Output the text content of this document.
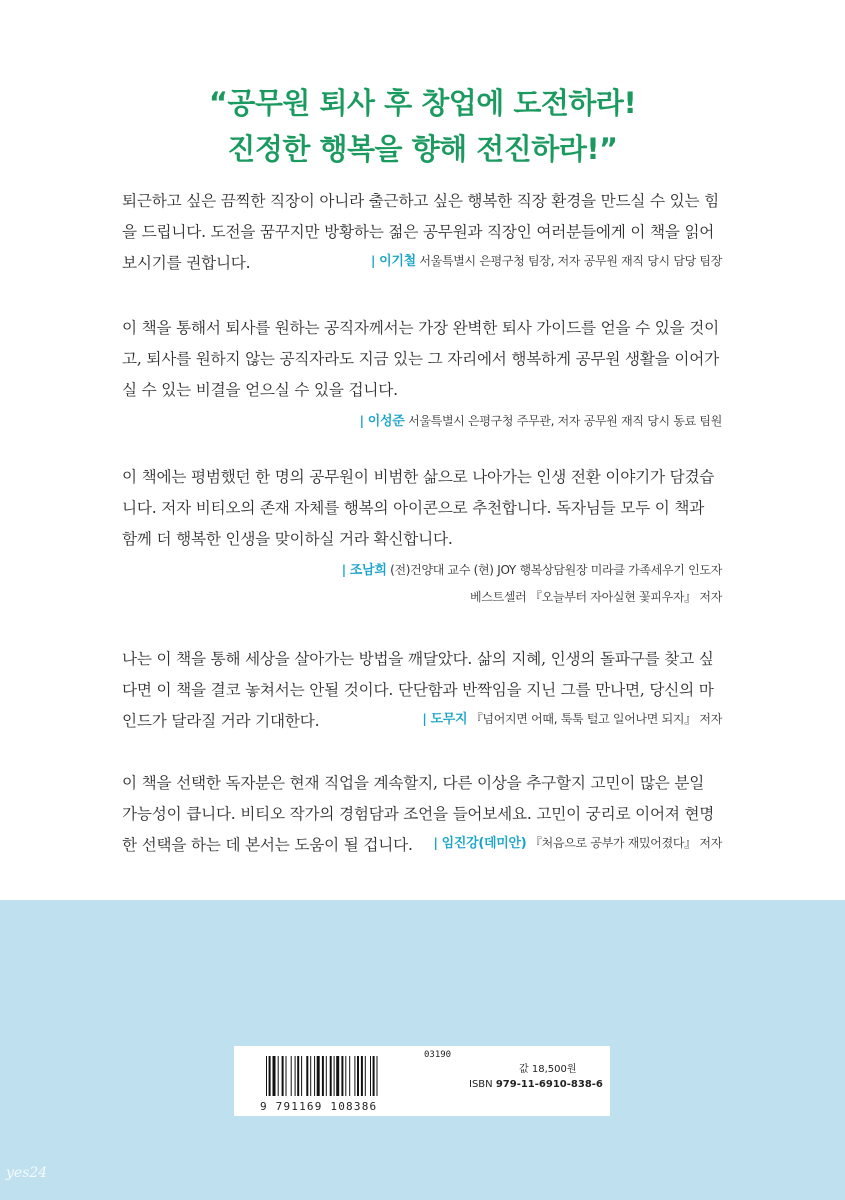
“공무원 퇴사 후 창업에 도전하라!
진정한 행복을 향해 전진하라!”
퇴근하고 싶은 끔찍한 직장이 아니라 출근하고 싶은 행복한 직장 환경을 만드실 수 있는 힘
을 드립니다. 도전을 꿈꾸지만 방황하는 젊은 공무원과 직장인 여러분들에게 이 책을 읽어
| 이기철 서울특별시 은평구청 팀장, 저자 공무원 재직 당시 담당 팀장
보시기를 권합니다.
이 책을 통해서 퇴사를 원하는 공직자께서는 가장 완벽한 퇴사 가이드를 얻을 수 있을 것이
고, 퇴사를 원하지 않는 공직자라도 지금 있는 그 자리에서 행복하게 공무원 생활을 이어가
실 수 있는 비결을 얻으실 수 있을 겁니다.
| 이성준 서울특별시 은평구청 주무관, 저자 공무원 재직 당시 동료 팀원
이 책에는 평범했던 한 명의 공무원이 비범한 삶으로 나아가는 인생 전환 이야기가 담겼습
니다. 저자 비티오의 존재 자체를 행복의 아이콘으로 추천합니다. 독자님들 모두 이 책과
함께 더 행복한 인생을 맞이하실 거라 확신합니다.
| 조남희 (전)건양대 교수 (현) JOY 행복상담원장 미라클 가족세우기 인도자
베스트셀러 『오늘부터 자아실현 꽃피우자』 저자
나는 이 책을 통해 세상을 살아가는 방법을 깨달았다. 삶의 지혜, 인생의 돌파구를 찾고 싶
다면 이 책을 결코 놓쳐서는 안될 것이다. 단단함과 반짝임을 지닌 그를 만나면, 당신의 마
| 도무지 『넘어지면 어때, 툭툭 털고 일어나면 되지』 저자
인드가 달라질 거라 기대한다.
이 책을 선택한 독자분은 현재 직업을 계속할지, 다른 이상을 추구할지 고민이 많은 분일
가능성이 큽니다. 비티오 작가의 경험담과 조언을 들어보세요. 고민이 궁리로 이어져 현명
| 임진강(데미안) 『처음으로 공부가 재밌어졌다』 저자
한 선택을 하는 데 본서는 도움이 될 겁니다.
03190
9 791169 108386
값 18,500원
ISBN 979-11-6910-838-6
yes24
